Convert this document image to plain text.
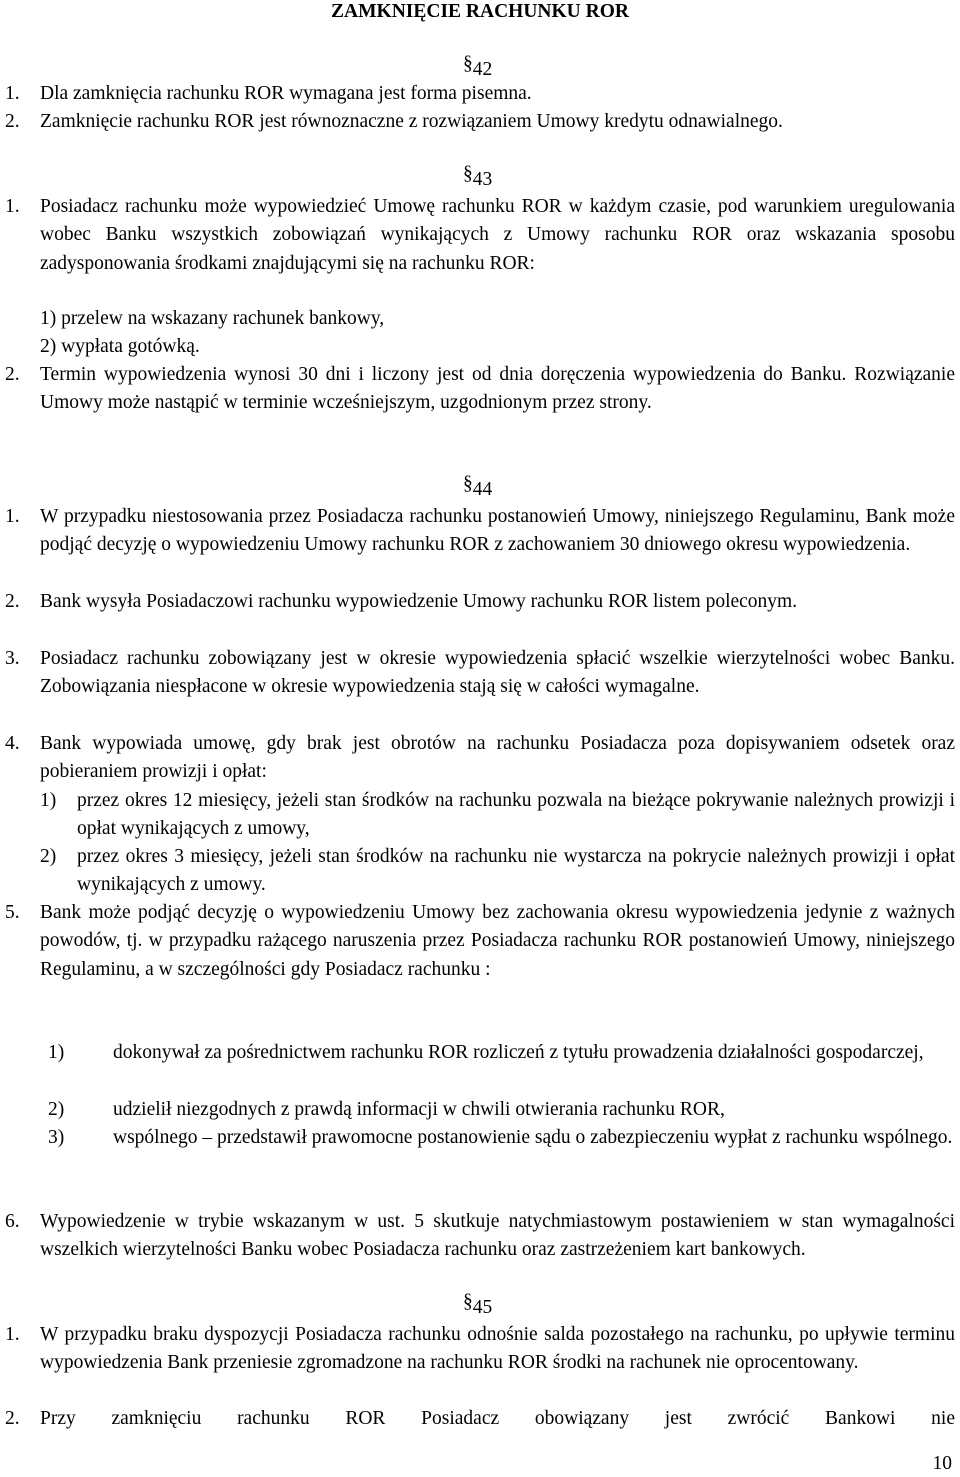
ZAMKNIĘCIE RACHUNKU ROR

§42

1.	Dla zamknięcia rachunku ROR wymagana jest forma pisemna.
2.	Zamknięcie rachunku ROR jest równoznaczne z rozwiązaniem Umowy kredytu odnawialnego.

§43

1.	Posiadacz rachunku może wypowiedzieć Umowę rachunku ROR w każdym czasie, pod warunkiem uregulowania wobec Banku wszystkich zobowiązań wynikających z Umowy rachunku ROR oraz wskazania sposobu zadysponowania środkami znajdującymi się na rachunku ROR:
1) przelew na wskazany rachunek bankowy,
2) wypłata gotówką.
2.	Termin wypowiedzenia wynosi 30 dni i liczony jest od dnia doręczenia wypowiedzenia do Banku. Rozwiązanie Umowy może nastąpić w terminie wcześniejszym, uzgodnionym przez strony.

§44

1.	W przypadku niestosowania przez Posiadacza rachunku postanowień Umowy, niniejszego Regulaminu, Bank może podjąć decyzję o wypowiedzeniu Umowy rachunku ROR z zachowaniem 30 dniowego okresu wypowiedzenia.
2.	Bank wysyła Posiadaczowi rachunku wypowiedzenie Umowy rachunku ROR listem poleconym.
3.	Posiadacz rachunku zobowiązany jest w okresie wypowiedzenia spłacić wszelkie wierzytelności wobec Banku. Zobowiązania niespłacone w okresie wypowiedzenia stają się w całości wymagalne.
4.	Bank wypowiada umowę, gdy brak jest obrotów na rachunku Posiadacza poza dopisywaniem odsetek oraz pobieraniem prowizji i opłat:
1) przez okres 12 miesięcy, jeżeli stan środków na rachunku pozwala na bieżące pokrywanie należnych prowizji i opłat wynikających z umowy,
2) przez okres 3 miesięcy, jeżeli stan środków na rachunku nie wystarcza na pokrycie należnych prowizji i opłat wynikających z umowy.
5.	Bank może podjąć decyzję o wypowiedzeniu Umowy bez zachowania okresu wypowiedzenia jedynie z ważnych powodów, tj. w przypadku rażącego naruszenia przez Posiadacza rachunku ROR postanowień Umowy, niniejszego Regulaminu, a w szczególności gdy Posiadacz rachunku :
1)	dokonywał za pośrednictwem rachunku ROR rozliczeń z tytułu prowadzenia działalności gospodarczej,
2)	udzielił niezgodnych z prawdą informacji w chwili otwierania rachunku ROR,
3)	wspólnego – przedstawił prawomocne postanowienie sądu o zabezpieczeniu wypłat z rachunku wspólnego.
6.	Wypowiedzenie w trybie wskazanym w ust. 5 skutkuje natychmiastowym postawieniem w stan wymagalności wszelkich wierzytelności Banku wobec Posiadacza rachunku oraz zastrzeżeniem kart bankowych.

§45

1.	W przypadku braku dyspozycji Posiadacza rachunku odnośnie salda pozostałego na rachunku, po upływie terminu wypowiedzenia Bank przeniesie zgromadzone na rachunku ROR środki na rachunek nie oprocentowany.
2.	Przy zamknięciu rachunku ROR Posiadacz obowiązany jest zwrócić Bankowi nie

10
